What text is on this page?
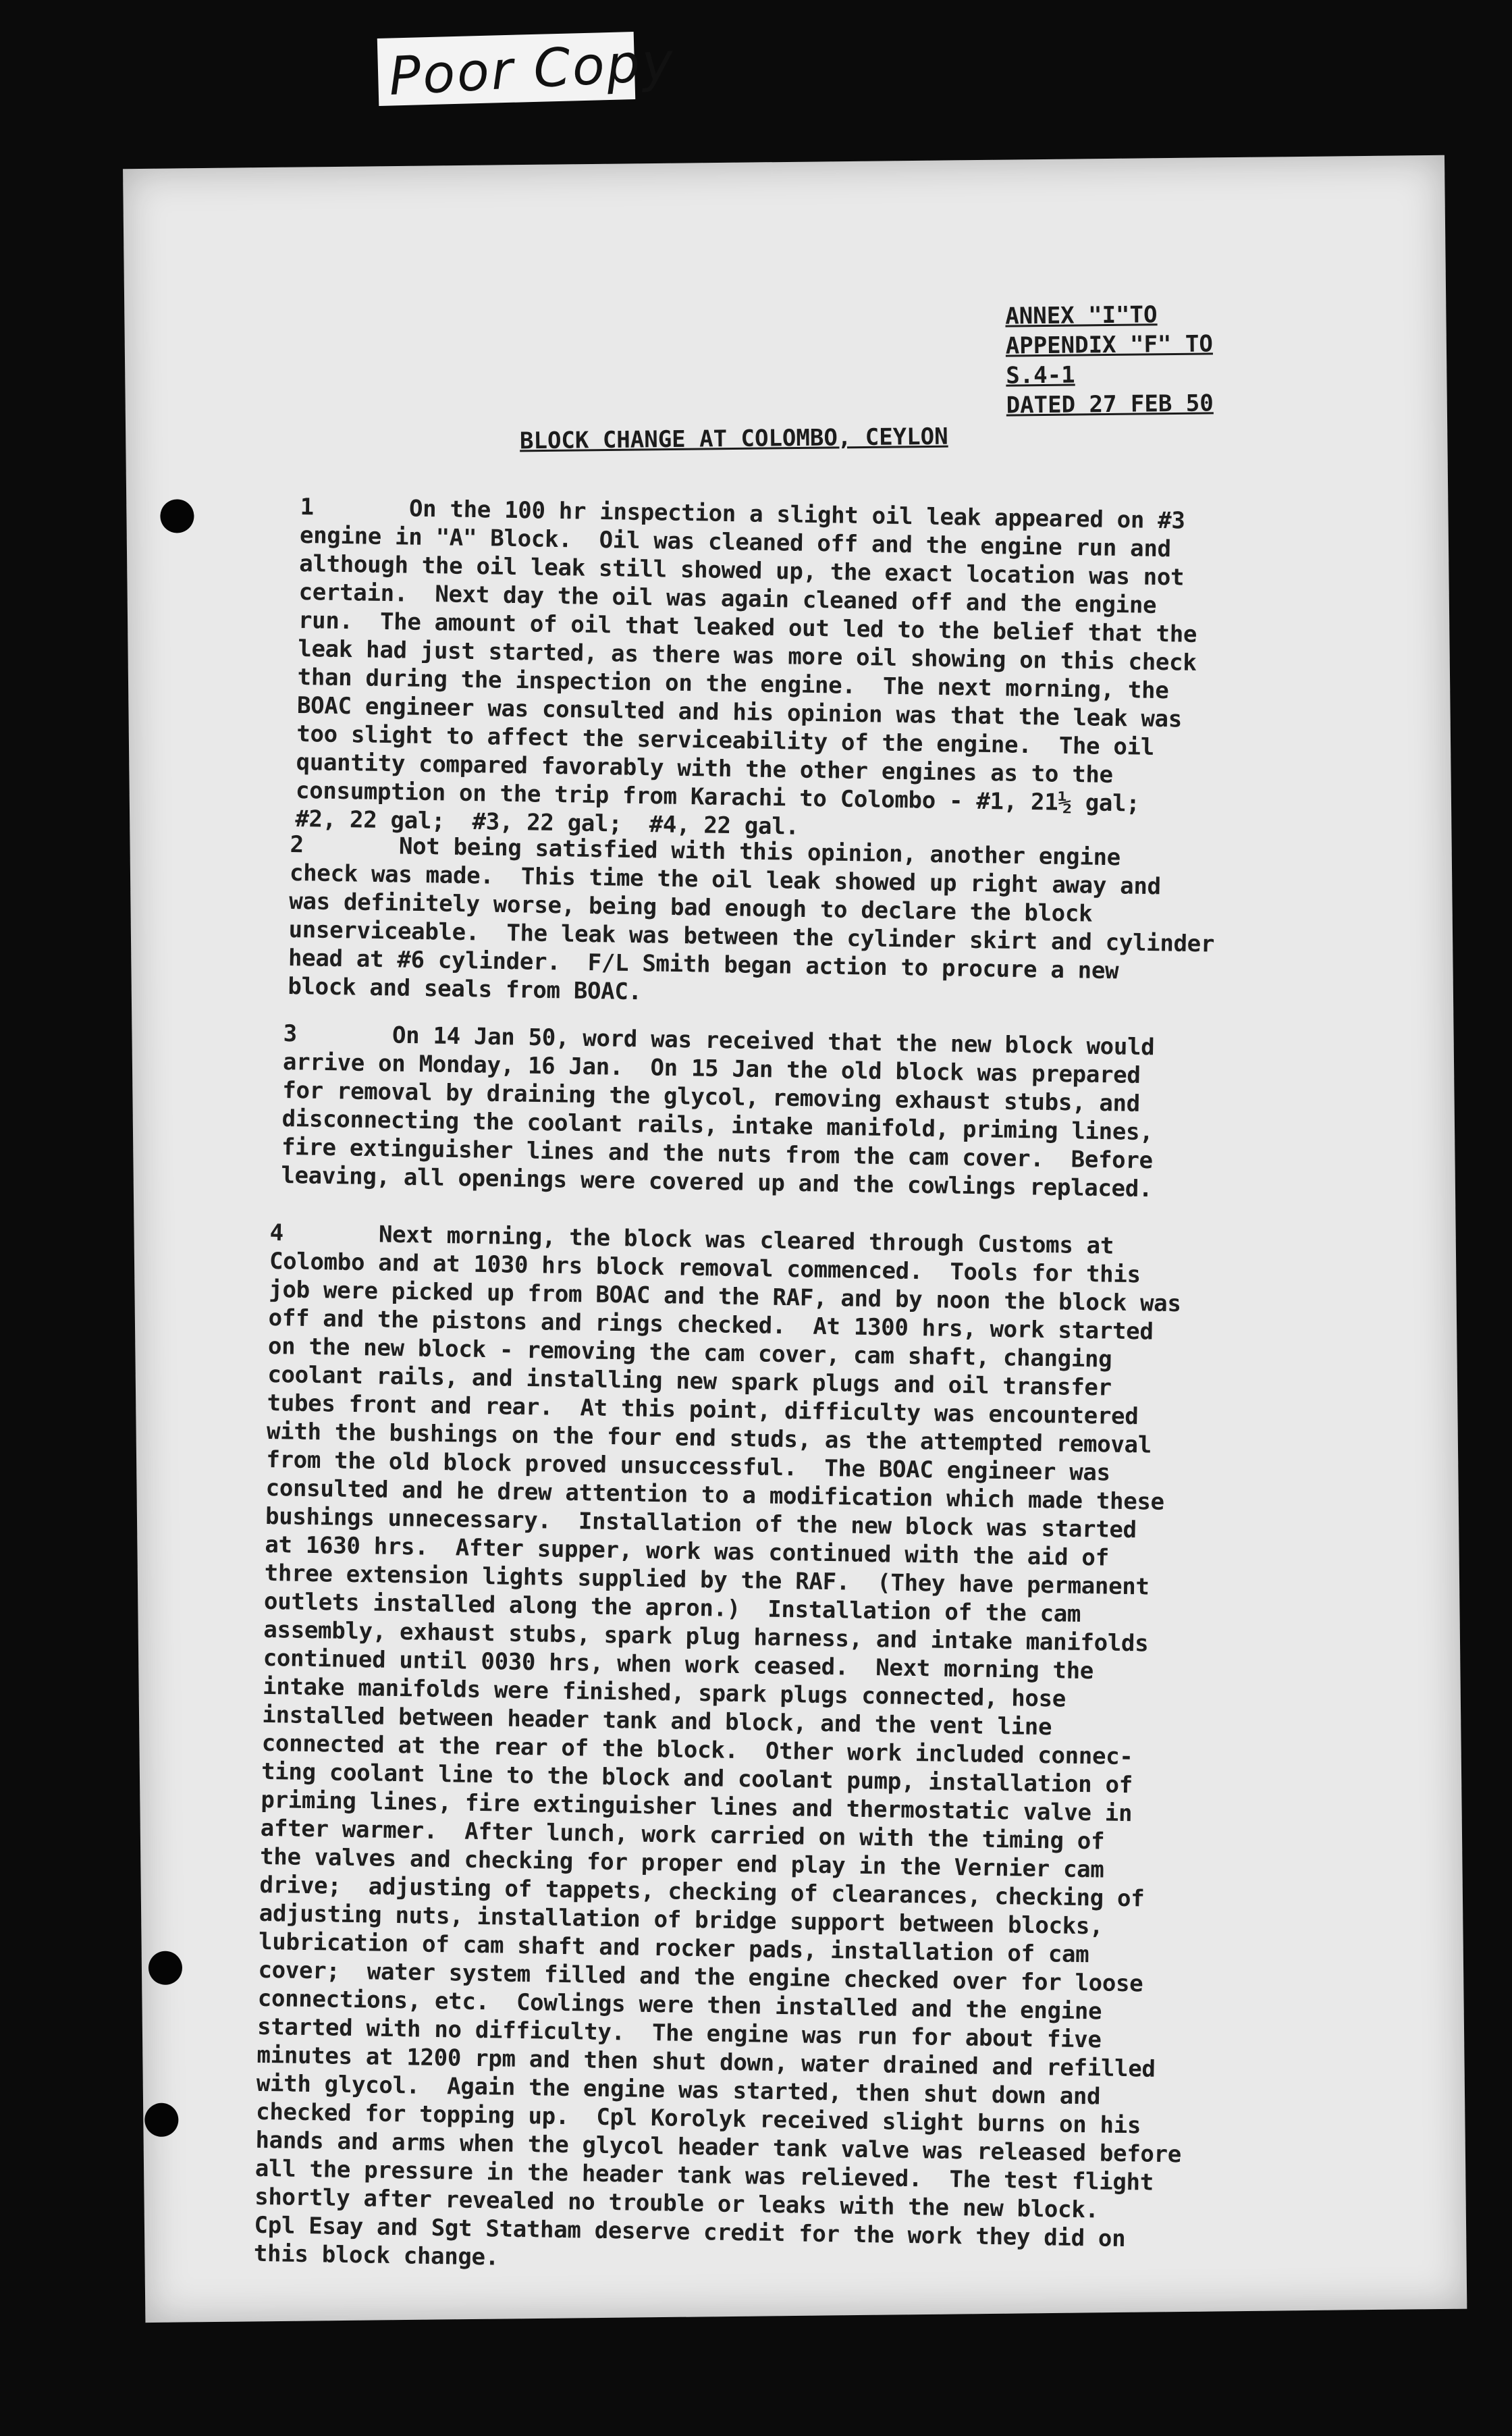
Poor Copy
ANNEX "I"TO
APPENDIX "F" TO
S.4-1
DATED 27 FEB 50
BLOCK CHANGE AT COLOMBO, CEYLON
1       On the 100 hr inspection a slight oil leak appeared on #3
engine in "A" Block.  Oil was cleaned off and the engine run and
although the oil leak still showed up, the exact location was not
certain.  Next day the oil was again cleaned off and the engine
run.  The amount of oil that leaked out led to the belief that the
leak had just started, as there was more oil showing on this check
than during the inspection on the engine.  The next morning, the
BOAC engineer was consulted and his opinion was that the leak was
too slight to affect the serviceability of the engine.  The oil
quantity compared favorably with the other engines as to the
consumption on the trip from Karachi to Colombo - #1, 21½ gal;
#2, 22 gal;  #3, 22 gal;  #4, 22 gal.
2       Not being satisfied with this opinion, another engine
check was made.  This time the oil leak showed up right away and
was definitely worse, being bad enough to declare the block
unserviceable.  The leak was between the cylinder skirt and cylinder
head at #6 cylinder.  F/L Smith began action to procure a new
block and seals from BOAC.
3       On 14 Jan 50, word was received that the new block would
arrive on Monday, 16 Jan.  On 15 Jan the old block was prepared
for removal by draining the glycol, removing exhaust stubs, and
disconnecting the coolant rails, intake manifold, priming lines,
fire extinguisher lines and the nuts from the cam cover.  Before
leaving, all openings were covered up and the cowlings replaced.
4       Next morning, the block was cleared through Customs at
Colombo and at 1030 hrs block removal commenced.  Tools for this
job were picked up from BOAC and the RAF, and by noon the block was
off and the pistons and rings checked.  At 1300 hrs, work started
on the new block - removing the cam cover, cam shaft, changing
coolant rails, and installing new spark plugs and oil transfer
tubes front and rear.  At this point, difficulty was encountered
with the bushings on the four end studs, as the attempted removal
from the old block proved unsuccessful.  The BOAC engineer was
consulted and he drew attention to a modification which made these
bushings unnecessary.  Installation of the new block was started
at 1630 hrs.  After supper, work was continued with the aid of
three extension lights supplied by the RAF.  (They have permanent
outlets installed along the apron.)  Installation of the cam
assembly, exhaust stubs, spark plug harness, and intake manifolds
continued until 0030 hrs, when work ceased.  Next morning the
intake manifolds were finished, spark plugs connected, hose
installed between header tank and block, and the vent line
connected at the rear of the block.  Other work included connec-
ting coolant line to the block and coolant pump, installation of
priming lines, fire extinguisher lines and thermostatic valve in
after warmer.  After lunch, work carried on with the timing of
the valves and checking for proper end play in the Vernier cam
drive;  adjusting of tappets, checking of clearances, checking of
adjusting nuts, installation of bridge support between blocks,
lubrication of cam shaft and rocker pads, installation of cam
cover;  water system filled and the engine checked over for loose
connections, etc.  Cowlings were then installed and the engine
started with no difficulty.  The engine was run for about five
minutes at 1200 rpm and then shut down, water drained and refilled
with glycol.  Again the engine was started, then shut down and
checked for topping up.  Cpl Korolyk received slight burns on his
hands and arms when the glycol header tank valve was released before
all the pressure in the header tank was relieved.  The test flight
shortly after revealed no trouble or leaks with the new block.
Cpl Esay and Sgt Statham deserve credit for the work they did on
this block change.
